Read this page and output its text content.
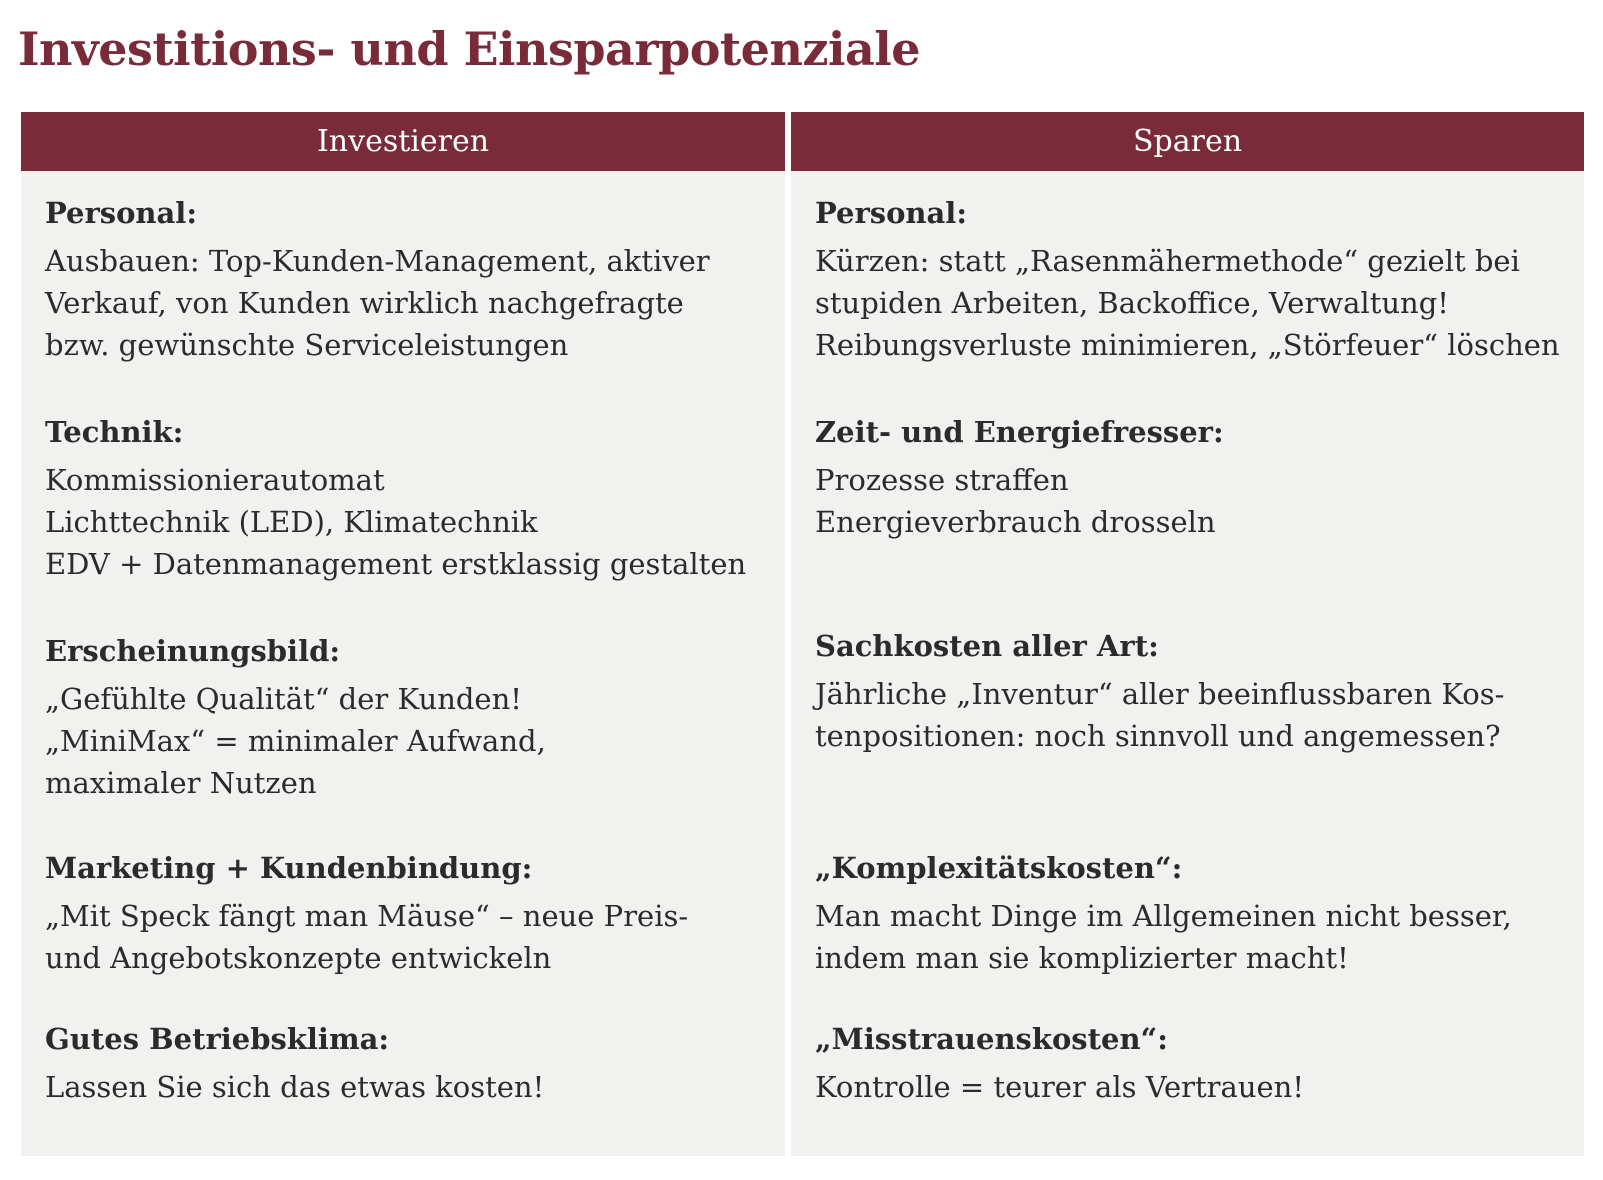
Investitions- und Einsparpotenziale
Investieren
Personal:
Ausbauen: Top-Kunden-Management, aktiver
Verkauf, von Kunden wirklich nachgefragte
bzw. gewünschte Serviceleistungen
Technik:
Kommissionierautomat
Lichttechnik (LED), Klimatechnik
EDV + Datenmanagement erstklassig gestalten
Erscheinungsbild:
„Gefühlte Qualität“ der Kunden!
„MiniMax“ = minimaler Aufwand,
maximaler Nutzen
Marketing + Kundenbindung:
„Mit Speck fängt man Mäuse“ – neue Preis-
und Angebotskonzepte entwickeln
Gutes Betriebsklima:
Lassen Sie sich das etwas kosten!
Sparen
Personal:
Kürzen: statt „Rasenmähermethode“ gezielt bei
stupiden Arbeiten, Backoffice, Verwaltung!
Reibungsverluste minimieren, „Störfeuer“ löschen
Zeit- und Energiefresser:
Prozesse straffen
Energieverbrauch drosseln
Sachkosten aller Art:
Jährliche „Inventur“ aller beeinflussbaren Kos-
tenpositionen: noch sinnvoll und angemessen?
„Komplexitätskosten“:
Man macht Dinge im Allgemeinen nicht besser,
indem man sie komplizierter macht!
„Misstrauenskosten“:
Kontrolle = teurer als Vertrauen!
